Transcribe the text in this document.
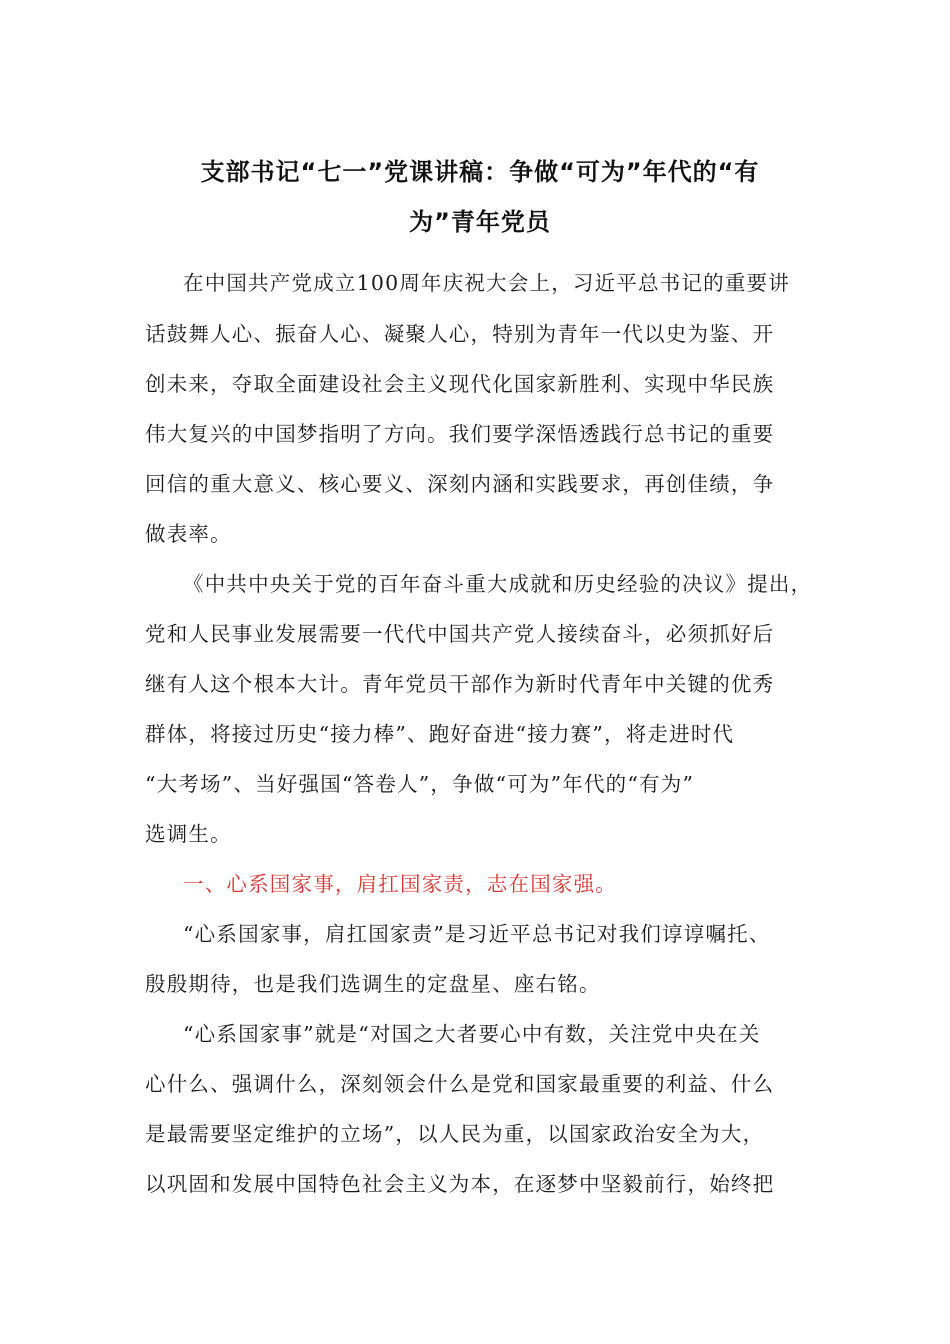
支部书记“七一”党课讲稿：争做“可为”年代的“有
为”青年党员
在中国共产党成立100周年庆祝大会上，习近平总书记的重要讲
话鼓舞人心、振奋人心、凝聚人心，特别为青年一代以史为鉴、开
创未来，夺取全面建设社会主义现代化国家新胜利、实现中华民族
伟大复兴的中国梦指明了方向。我们要学深悟透践行总书记的重要
回信的重大意义、核心要义、深刻内涵和实践要求，再创佳绩，争
做表率。
《中共中央关于党的百年奋斗重大成就和历史经验的决议》提出，
党和人民事业发展需要一代代中国共产党人接续奋斗，必须抓好后
继有人这个根本大计。青年党员干部作为新时代青年中关键的优秀
群体，将接过历史“接力棒”、跑好奋进“接力赛”，将走进时代
“大考场”、当好强国“答卷人”，争做“可为”年代的“有为”
选调生。
一、心系国家事，肩扛国家责，志在国家强。
“心系国家事，肩扛国家责”是习近平总书记对我们谆谆嘱托、
殷殷期待，也是我们选调生的定盘星、座右铭。
“心系国家事”就是“对国之大者要心中有数，关注党中央在关
心什么、强调什么，深刻领会什么是党和国家最重要的利益、什么
是最需要坚定维护的立场”，以人民为重，以国家政治安全为大，
以巩固和发展中国特色社会主义为本，在逐梦中坚毅前行，始终把
